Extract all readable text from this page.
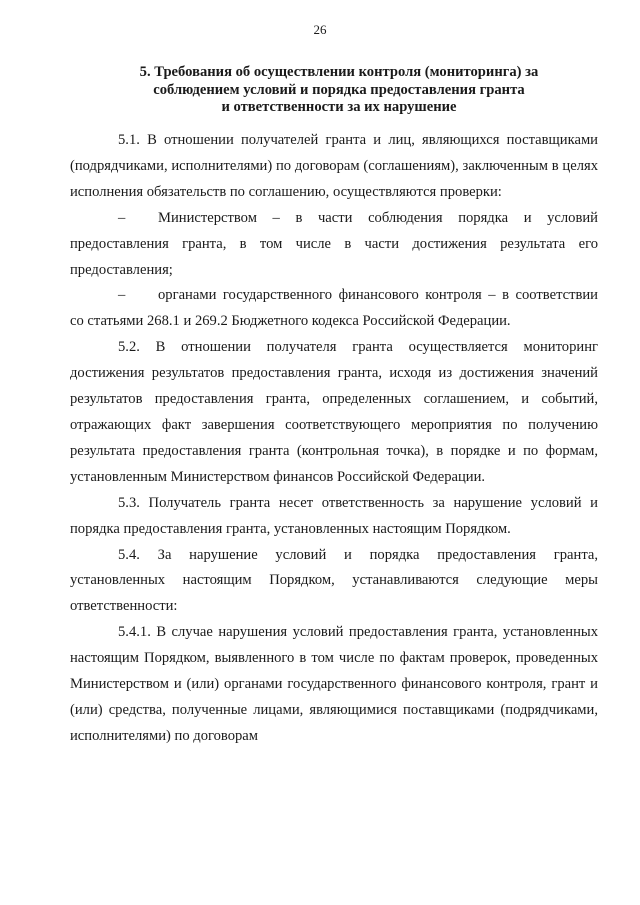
26
5. Требования об осуществлении контроля (мониторинга) за
соблюдением условий и порядка предоставления гранта
и ответственности за их нарушение

5.1. В отношении получателей гранта и лиц, являющихся поставщиками (подрядчиками, исполнителями) по договорам (соглашениям), заключенным в целях исполнения обязательств по соглашению, осуществляются проверки:

– Министерством – в части соблюдения порядка и условий предоставления гранта, в том числе в части достижения результата его предоставления;

– органами государственного финансового контроля – в соответствии со статьями 268.1 и 269.2 Бюджетного кодекса Российской Федерации.

5.2. В отношении получателя гранта осуществляется мониторинг достижения результатов предоставления гранта, исходя из достижения значений результатов предоставления гранта, определенных соглашением, и событий, отражающих факт завершения соответствующего мероприятия по получению результата предоставления гранта (контрольная точка), в порядке и по формам, установленным Министерством финансов Российской Федерации.

5.3. Получатель гранта несет ответственность за нарушение условий и порядка предоставления гранта, установленных настоящим Порядком.

5.4. За нарушение условий и порядка предоставления гранта, установленных настоящим Порядком, устанавливаются следующие меры ответственности:

5.4.1. В случае нарушения условий предоставления гранта, установленных настоящим Порядком, выявленного в том числе по фактам проверок, проведенных Министерством и (или) органами государственного финансового контроля, грант и (или) средства, полученные лицами, являющимися поставщиками (подрядчиками, исполнителями) по договорам
